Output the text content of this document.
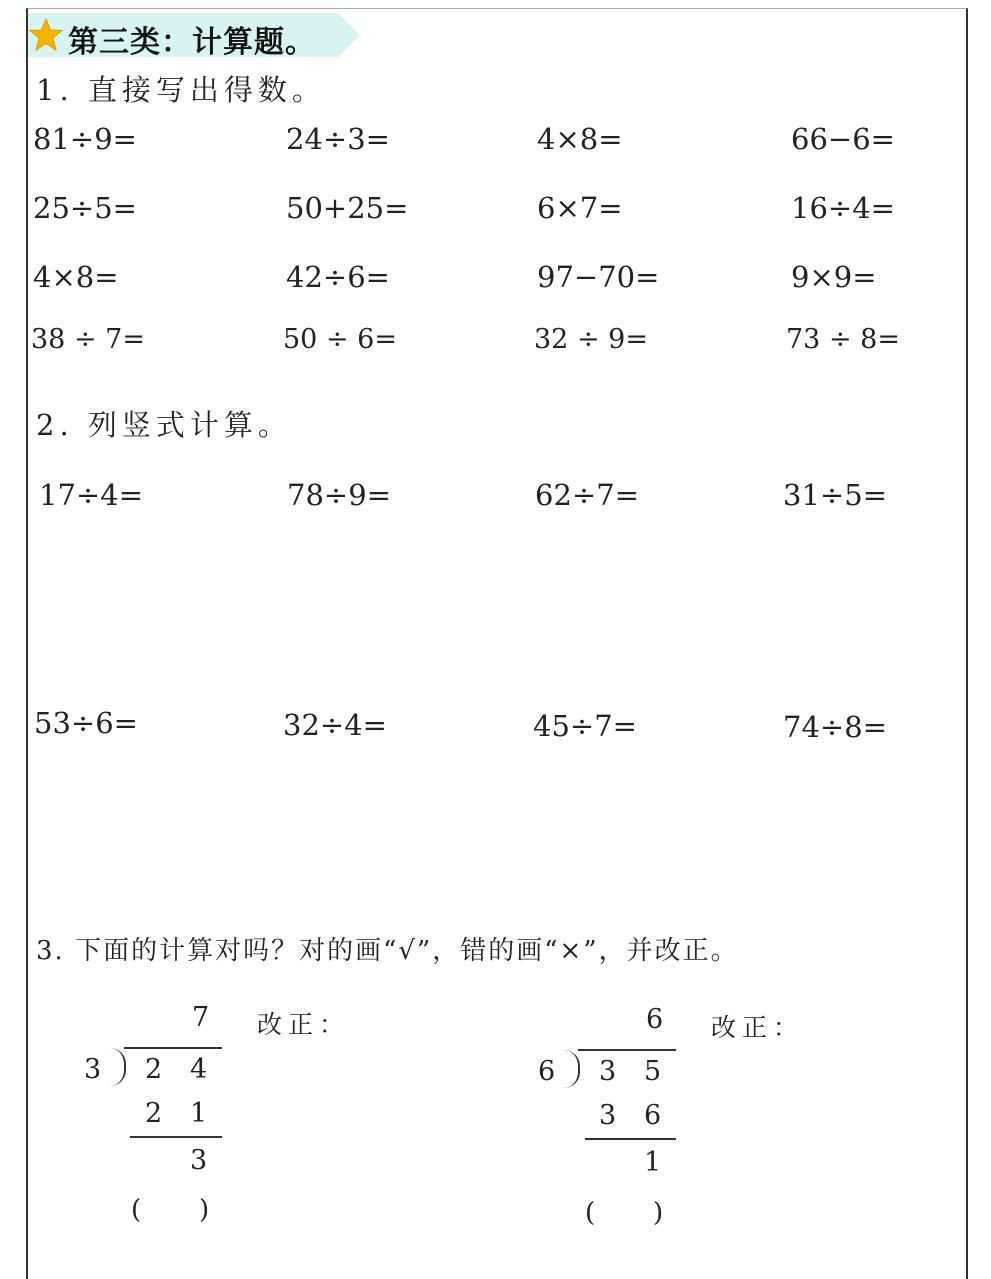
第三类：计算题。
1. 直接写出得数。
81÷9=	24÷3=	4×8=	66−6=
25÷5=	50+25=	6×7=	16÷4=
4×8=	42÷6=	97−70=	9×9=
38 ÷ 7=	50 ÷ 6=	32 ÷ 9=	73 ÷ 8=
2. 列竖式计算。
17÷4=	78÷9=	62÷7=	31÷5=
53÷6=	32÷4=	45÷7=	74÷8=
3. 下面的计算对吗？对的画“√”，错的画“×”，并改正。
7
3 2 4
2 1
3
改正：
(       )
6
6 3 5
3 6
1
改正：
(       )
